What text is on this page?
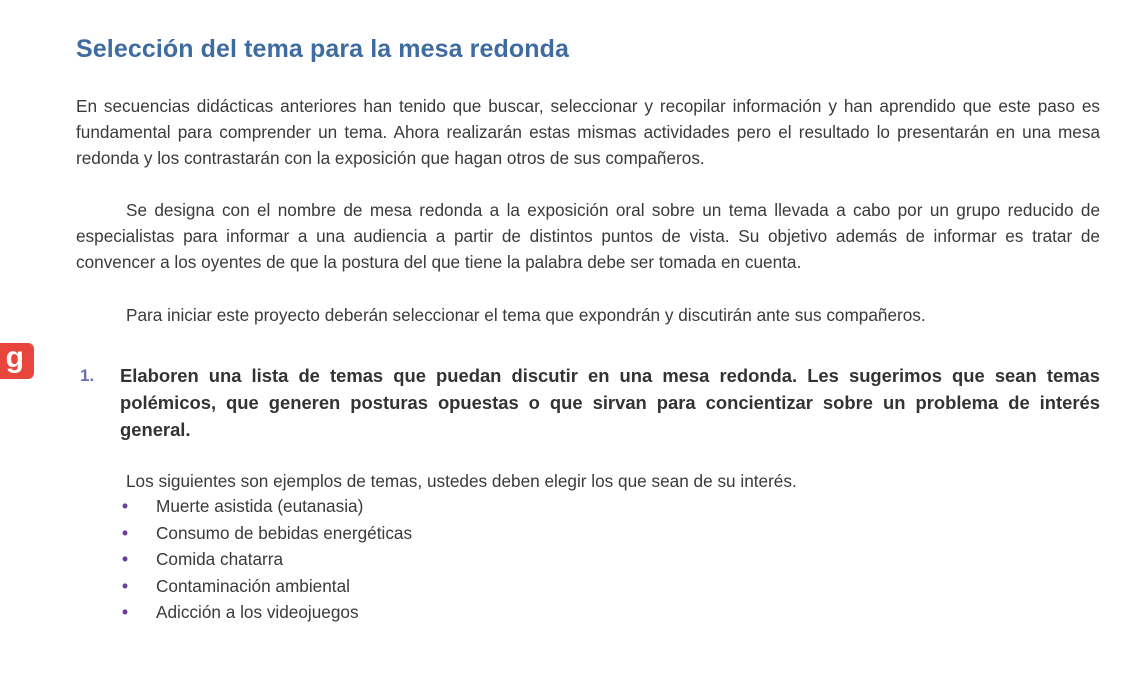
Selección del tema para la mesa redonda

En secuencias didácticas anteriores han tenido que buscar, seleccionar y recopilar información y han aprendido que este paso es fundamental para comprender un tema. Ahora realizarán estas mismas actividades pero el resultado lo presentarán en una mesa redonda y los contrastarán con la exposición que hagan otros de sus compañeros.

Se designa con el nombre de mesa redonda a la exposición oral sobre un tema llevada a cabo por un grupo reducido de especialistas para informar a una audiencia a partir de distintos puntos de vista. Su objetivo además de informar es tratar de convencer a los oyentes de que la postura del que tiene la palabra debe ser tomada en cuenta.

Para iniciar este proyecto deberán seleccionar el tema que expondrán y discutirán ante sus compañeros.

g
1. Elaboren una lista de temas que puedan discutir en una mesa redonda. Les sugerimos que sean temas polémicos, que generen posturas opuestas o que sirvan para concientizar sobre un problema de interés general.
Los siguientes son ejemplos de temas, ustedes deben elegir los que sean de su interés.
• Muerte asistida (eutanasia)
• Consumo de bebidas energéticas
• Comida chatarra
• Contaminación ambiental
• Adicción a los videojuegos
